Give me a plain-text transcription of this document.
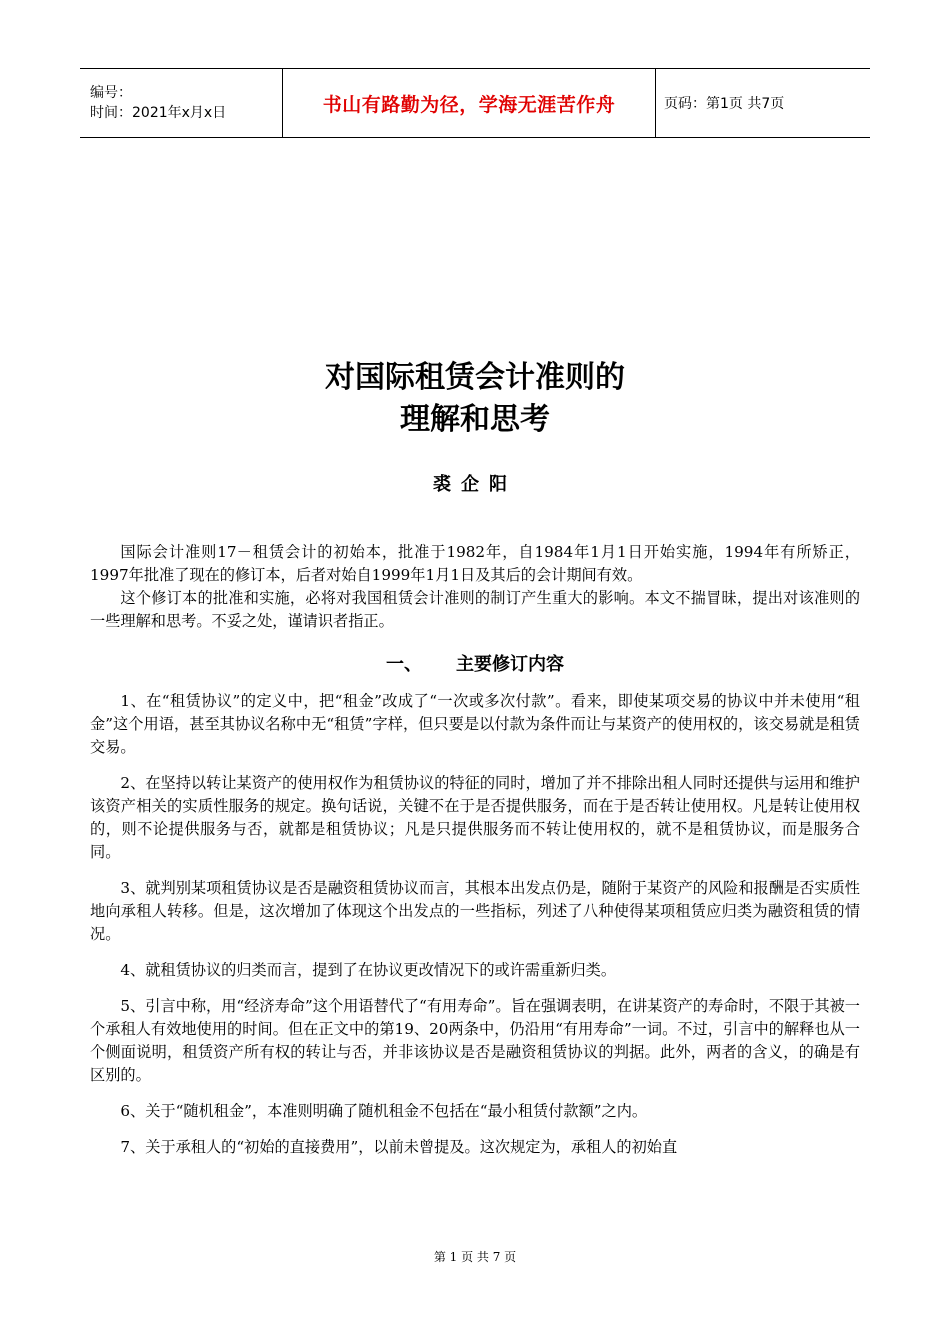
编号：
时间：2021年x月x日	书山有路勤为径，学海无涯苦作舟	页码：第1页 共7页
对国际租赁会计准则的
理解和思考
裘企阳

国际会计准则17－租赁会计的初始本，批准于1982年，自1984年1月1日开始实施，1994年有所矫正，1997年批准了现在的修订本，后者对始自1999年1月1日及其后的会计期间有效。

这个修订本的批准和实施，必将对我国租赁会计准则的制订产生重大的影响。本文不揣冒昧，提出对该准则的一些理解和思考。不妥之处，谨请识者指正。

一、 主要修订内容

1、在“租赁协议”的定义中，把“租金”改成了“一次或多次付款”。看来，即使某项交易的协议中并未使用“租金”这个用语，甚至其协议名称中无“租赁”字样，但只要是以付款为条件而让与某资产的使用权的，该交易就是租赁交易。

2、在坚持以转让某资产的使用权作为租赁协议的特征的同时，增加了并不排除出租人同时还提供与运用和维护该资产相关的实质性服务的规定。换句话说，关键不在于是否提供服务，而在于是否转让使用权。凡是转让使用权的，则不论提供服务与否，就都是租赁协议；凡是只提供服务而不转让使用权的，就不是租赁协议，而是服务合同。

3、就判别某项租赁协议是否是融资租赁协议而言，其根本出发点仍是，随附于某资产的风险和报酬是否实质性地向承租人转移。但是，这次增加了体现这个出发点的一些指标，列述了八种使得某项租赁应归类为融资租赁的情况。

4、就租赁协议的归类而言，提到了在协议更改情况下的或许需重新归类。

5、引言中称，用“经济寿命”这个用语替代了“有用寿命”。旨在强调表明，在讲某资产的寿命时，不限于其被一个承租人有效地使用的时间。但在正文中的第19、20两条中，仍沿用“有用寿命”一词。不过，引言中的解释也从一个侧面说明，租赁资产所有权的转让与否，并非该协议是否是融资租赁协议的判据。此外，两者的含义，的确是有区别的。

6、关于“随机租金”，本准则明确了随机租金不包括在“最小租赁付款额”之内。

7、关于承租人的“初始的直接费用”，以前未曾提及。这次规定为，承租人的初始直

第 1 页 共 7 页
